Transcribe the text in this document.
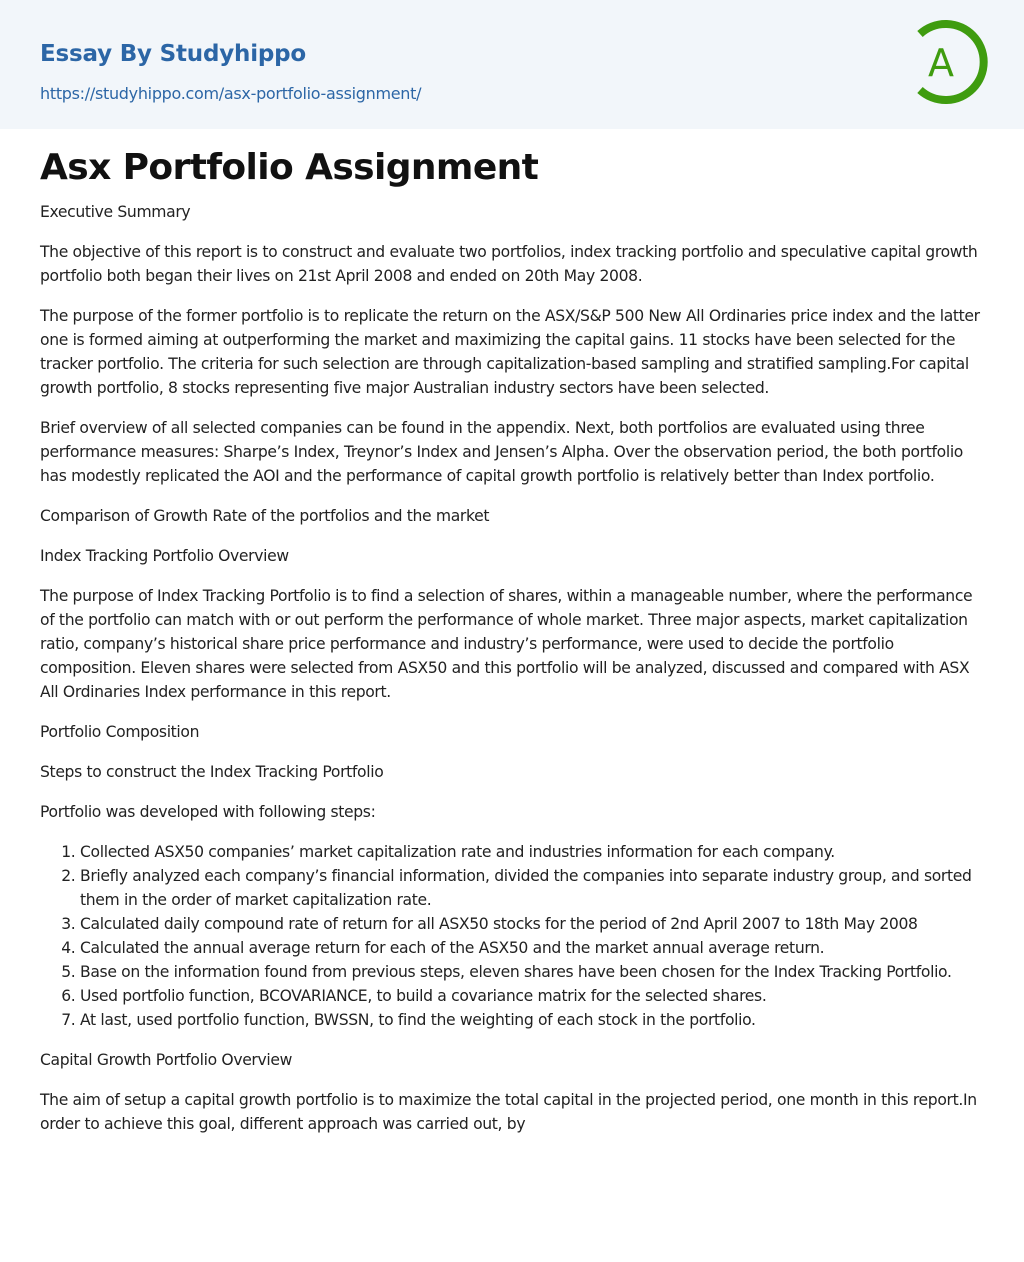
Essay By Studyhippo
https://studyhippo.com/asx-portfolio-assignment/
A
Asx Portfolio Assignment

Executive Summary

The objective of this report is to construct and evaluate two portfolios, index tracking portfolio and speculative capital growth portfolio both began their lives on 21st April 2008 and ended on 20th May 2008.

The purpose of the former portfolio is to replicate the return on the ASX/S&P 500 New All Ordinaries price index and the latter one is formed aiming at outperforming the market and maximizing the capital gains. 11 stocks have been selected for the tracker portfolio. The criteria for such selection are through capitalization-based sampling and stratified sampling.For capital growth portfolio, 8 stocks representing five major Australian industry sectors have been selected.

Brief overview of all selected companies can be found in the appendix. Next, both portfolios are evaluated using three performance measures: Sharpe’s Index, Treynor’s Index and Jensen’s Alpha. Over the observation period, the both portfolio has modestly replicated the AOI and the performance of capital growth portfolio is relatively better than Index portfolio.

Comparison of Growth Rate of the portfolios and the market

Index Tracking Portfolio Overview

The purpose of Index Tracking Portfolio is to find a selection of shares, within a manageable number, where the performance of the portfolio can match with or out perform the performance of whole market. Three major aspects, market capitalization ratio, company’s historical share price performance and industry’s performance, were used to decide the portfolio composition. Eleven shares were selected from ASX50 and this portfolio will be analyzed, discussed and compared with ASX All Ordinaries Index performance in this report.

Portfolio Composition

Steps to construct the Index Tracking Portfolio

Portfolio was developed with following steps:

1. Collected ASX50 companies’ market capitalization rate and industries information for each company.
2. Briefly analyzed each company’s financial information, divided the companies into separate industry group, and sorted them in the order of market capitalization rate.
3. Calculated daily compound rate of return for all ASX50 stocks for the period of 2nd April 2007 to 18th May 2008
4. Calculated the annual average return for each of the ASX50 and the market annual average return.
5. Base on the information found from previous steps, eleven shares have been chosen for the Index Tracking Portfolio.
6. Used portfolio function, BCOVARIANCE, to build a covariance matrix for the selected shares.
7. At last, used portfolio function, BWSSN, to find the weighting of each stock in the portfolio.

Capital Growth Portfolio Overview

The aim of setup a capital growth portfolio is to maximize the total capital in the projected period, one month in this report.In order to achieve this goal, different approach was carried out, by
